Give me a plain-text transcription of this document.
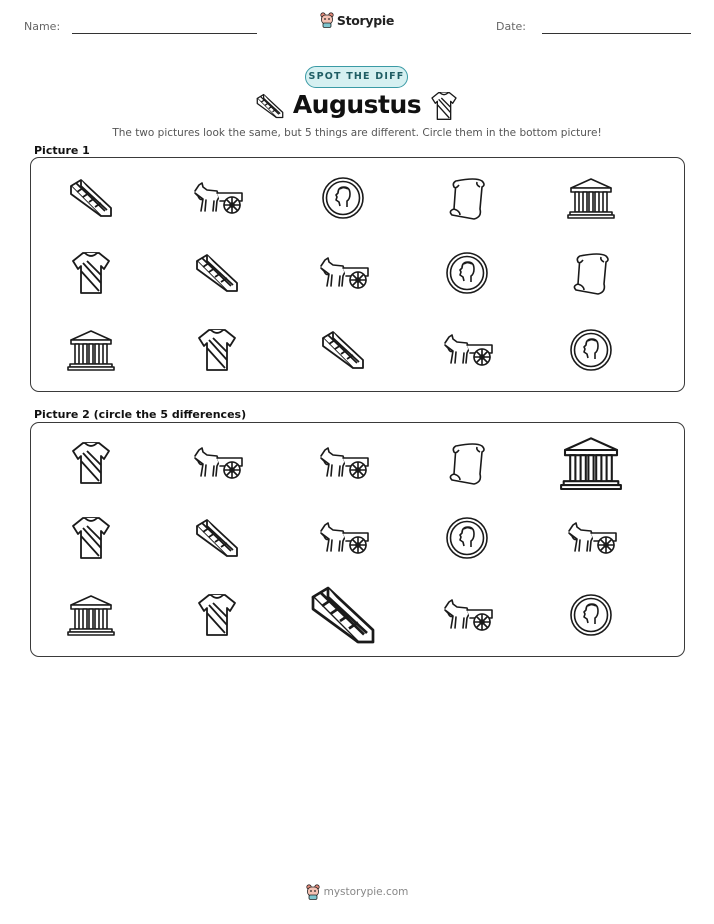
Name:	Storypie	Date:
SPOT THE DIFF
Augustus
The two pictures look the same, but 5 things are different. Circle them in the bottom picture!
Picture 1
Picture 2 (circle the 5 differences)
mystorypie.com
